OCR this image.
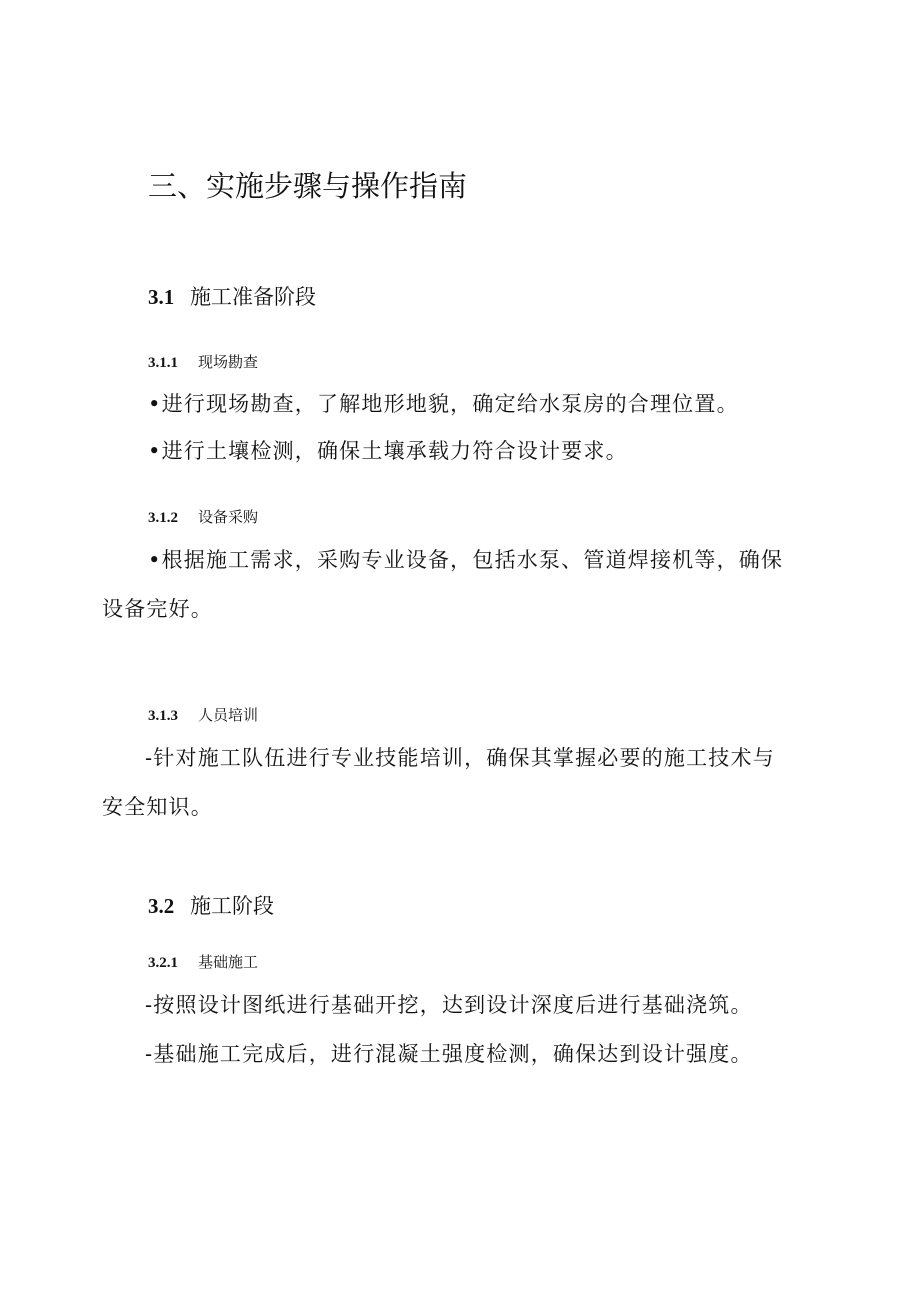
三、实施步骤与操作指南
3.1 施工准备阶段
3.1.1 现场勘查
•进行现场勘查，了解地形地貌，确定给水泵房的合理位置。
•进行土壤检测，确保土壤承载力符合设计要求。
3.1.2 设备采购
•根据施工需求，采购专业设备，包括水泵、管道焊接机等，确保
设备完好。
3.1.3 人员培训
-针对施工队伍进行专业技能培训，确保其掌握必要的施工技术与
安全知识。
3.2 施工阶段
3.2.1 基础施工
-按照设计图纸进行基础开挖，达到设计深度后进行基础浇筑。
-基础施工完成后，进行混凝土强度检测，确保达到设计强度。
